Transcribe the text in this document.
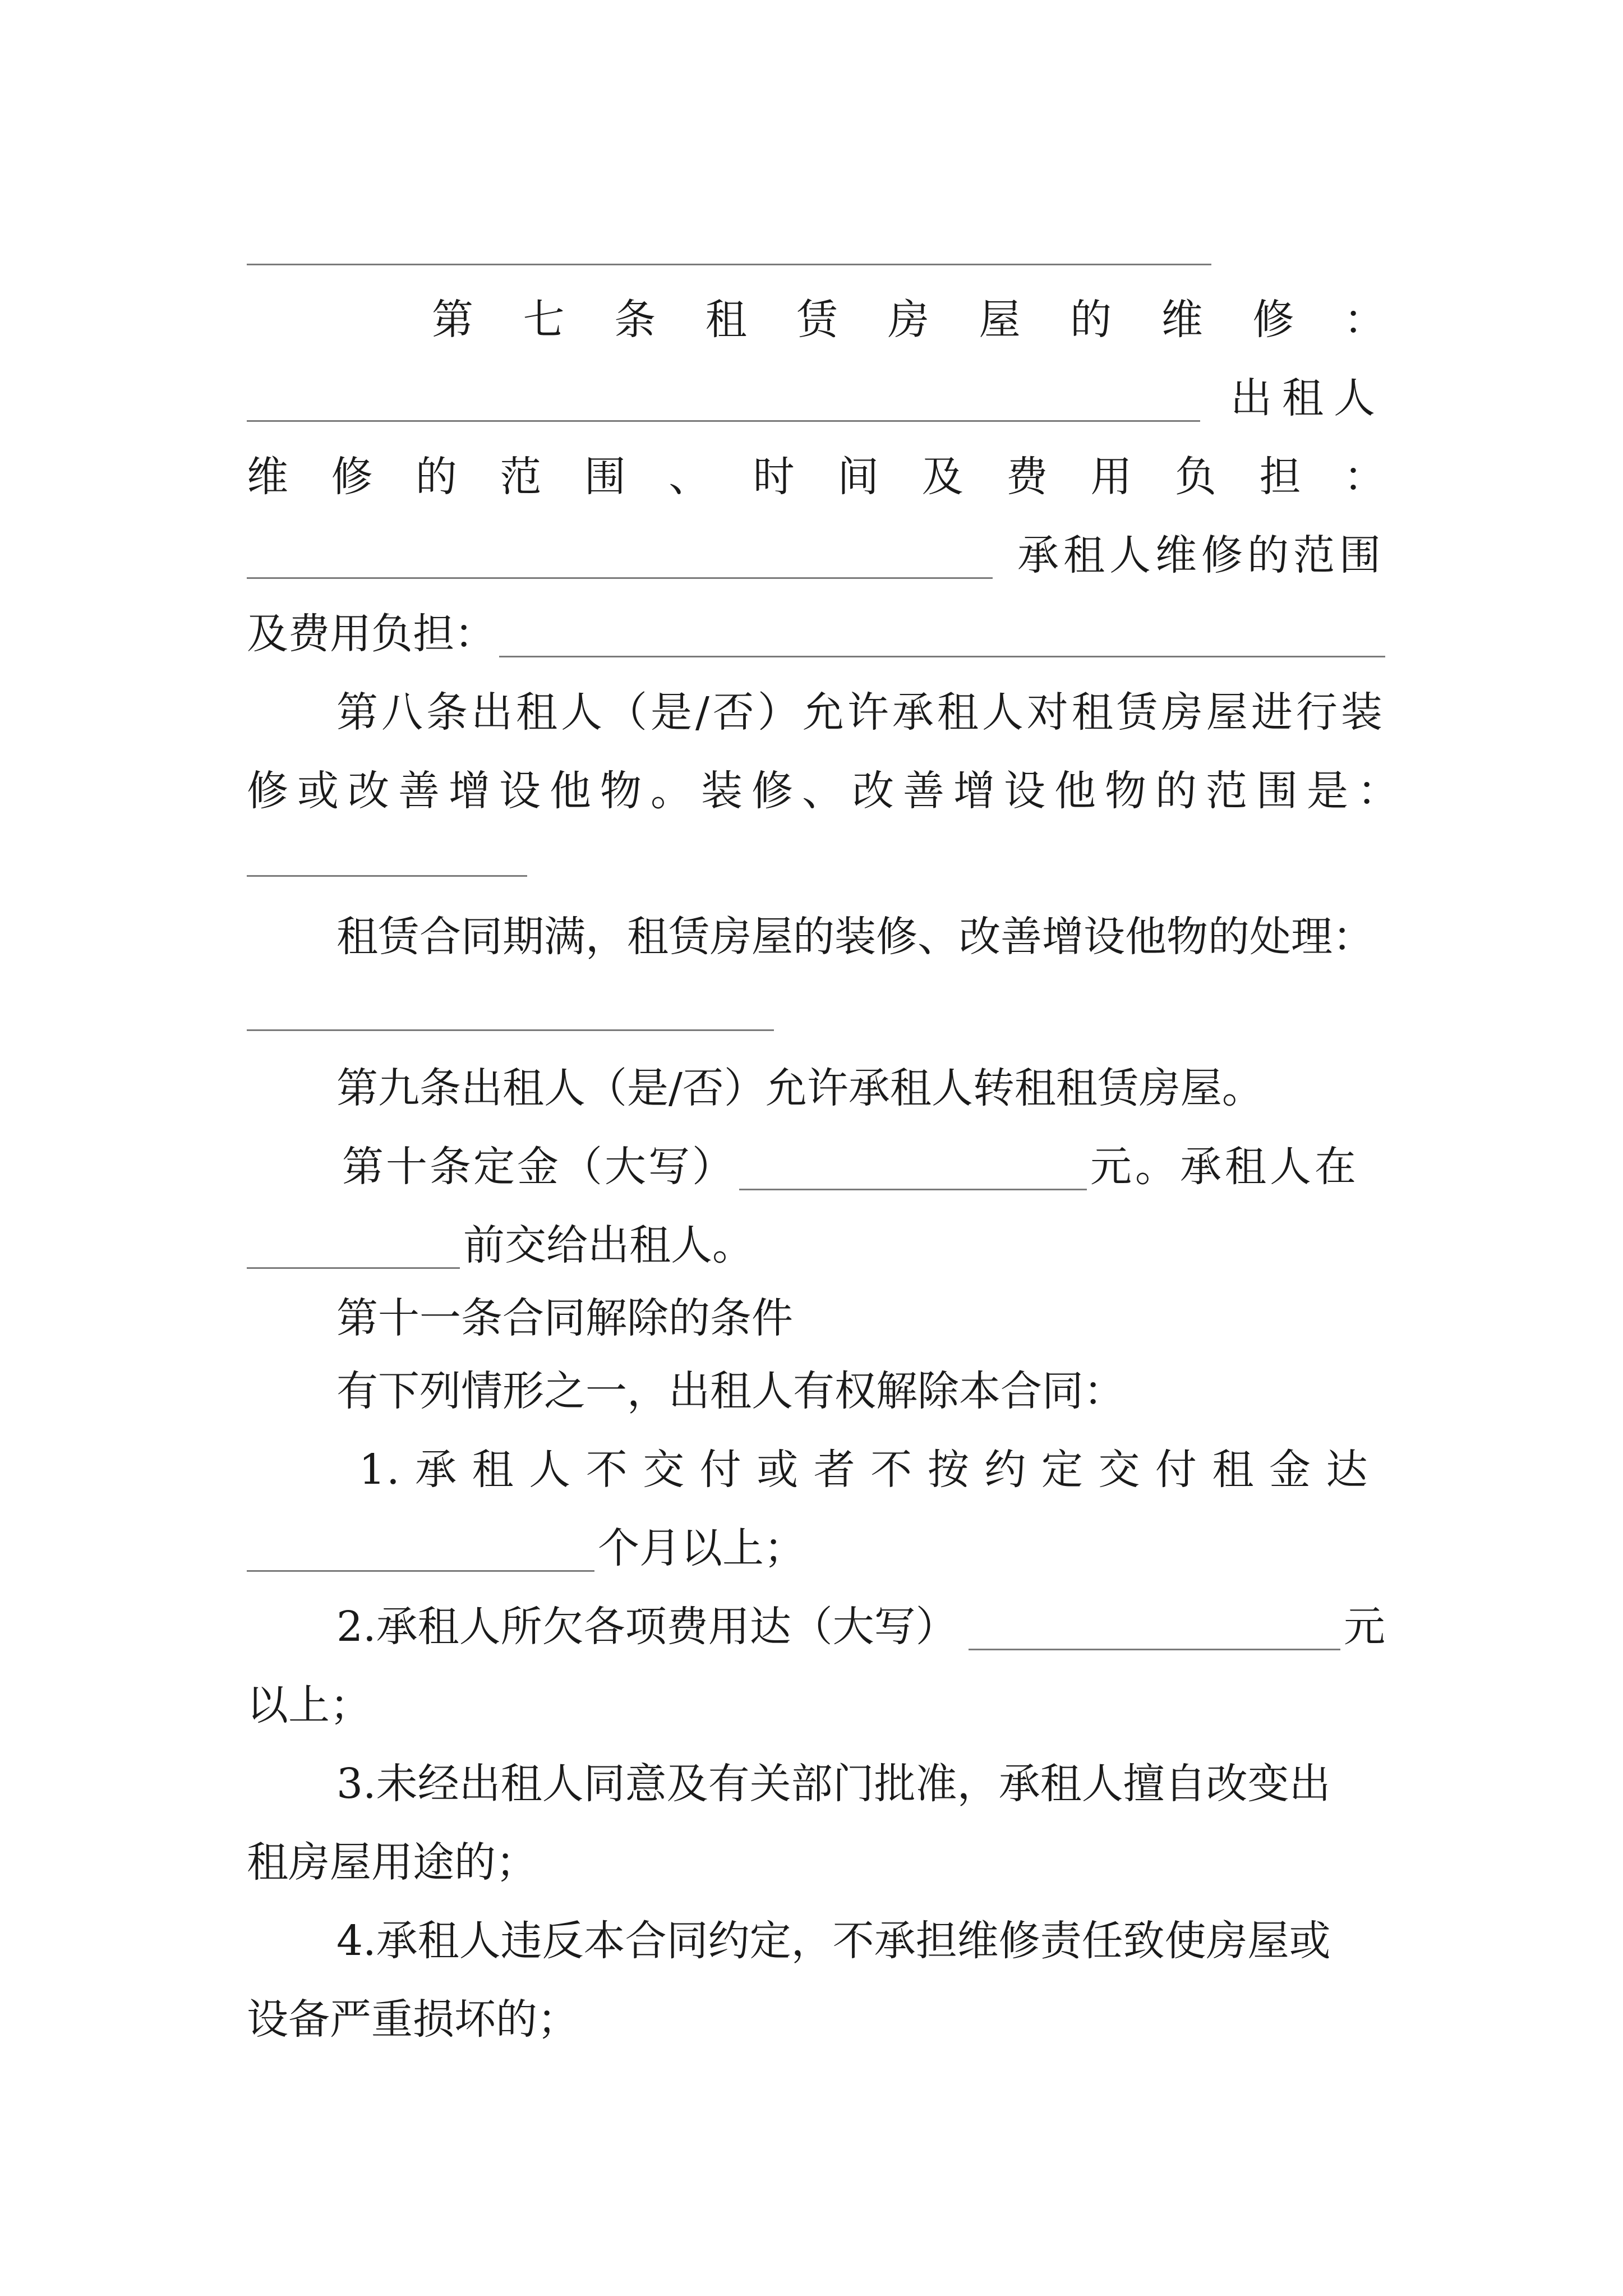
第 七 条 租 赁 房 屋 的 维 修 ：
出租人
维 修 的 范 围 、 时 间 及 费 用 负 担 ：
承租人维修的范围
及费用负担：
第八条出租人（是/否）允许承租人对租赁房屋进行装
修或改善增设他物。装修、改善增设他物的范围是：
租赁合同期满，租赁房屋的装修、改善增设他物的处理：
第九条出租人（是/否）允许承租人转租租赁房屋。
第十条定金（大写）	元。承租人在
前交给出租人。
第十一条合同解除的条件
有下列情形之一，出租人有权解除本合同：
1. 承 租 人 不 交 付 或 者 不 按 约 定 交 付 租 金 达
个月以上；
2.承租人所欠各项费用达（大写）	元
以上；
3.未经出租人同意及有关部门批准，承租人擅自改变出
租房屋用途的；
4.承租人违反本合同约定，不承担维修责任致使房屋或
设备严重损坏的；
